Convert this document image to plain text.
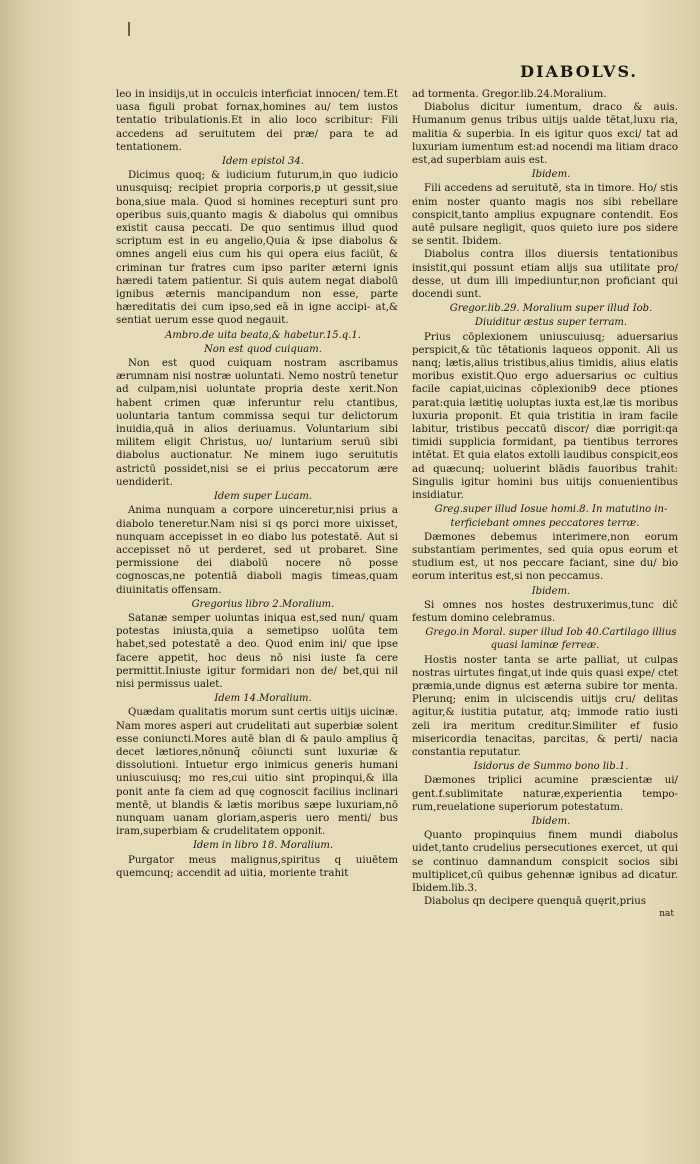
DIABOLVS.

leo in insidijs,ut in occulcis interficiat innocen/ tem.Et uasa figuli probat fornax,homines au/ tem iustos tentatio tribulationis.Et in alio loco scribitur: Fili accedens ad seruitutem dei præ/ para te ad tentationem.

Idem epistol 34.

Dicimus quoq; & iudicium futurum,in quo iudicio unusquisq; recipiet propria corporis,p ut gessit,siue bona,siue mala. Quod si homines recepturi sunt pro operibus suis,quanto magis & diabolus qui omnibus existit causa peccati. De quo sentimus illud quod scriptum est in eu angelio,Quia & ipse diabolus & omnes angeli eius cum his qui opera eius faciūt, & criminan tur fratres cum ipso pariter æterni ignis hæredi tatem patientur. Si quis autem negat diabolū ignibus æternis mancipandum non esse, parte hæreditatis dei cum ipso,sed eā in igne accipi- at,& sentiat uerum esse quod negauit.

Ambro.de uita beata,& habetur.15.q.1.

Non est quod cuiquam.

Non est quod cuiquam nostram ascribamus ærumnam nisi nostræ uoluntati. Nemo nostrū tenetur ad culpam,nisi uoluntate propria deste xerit.Non habent crimen quæ inferuntur relu ctantibus, uoluntaria tantum commissa sequi tur delictorum inuidia,quā in alios deriuamus. Voluntarium sibi militem eligit Christus, uo/ luntarium seruū sibi diabolus auctionatur. Ne minem iugo seruitutis astrictū possidet,nisi se ei prius peccatorum ære uendiderit.

Idem super Lucam.

Anima nunquam a corpore uinceretur,nisi prius a diabolo teneretur.Nam nisi si qs porci more uixisset, nunquam accepisset in eo diabo lus potestatē. Aut si accepisset nō ut perderet, sed ut probaret. Sine permissione dei diabolū nocere nō posse cognoscas,ne potentiā diaboli magis timeas,quam diuinitatis offensam.

Gregorius libro 2.Moralium.

Satanæ semper uoluntas iniqua est,sed nun/ quam potestas iniusta,quia a semetipso uolūta tem habet,sed potestatē a deo. Quod enim ini/ que ipse facere appetit, hoc deus nō nisi iuste fa cere permittit.Iniuste igitur formidari non de/ bet,qui nil nisi permissus ualet.

Idem 14.Moralium.

Quædam qualitatis morum sunt certis uitijs uicinæ. Nam mores asperi aut crudelitati aut superbiæ solent esse coniuncti.Mores autē blan di & paulo amplius q̄ decet lætiores,nōnunq̄ cōiuncti sunt luxuriæ & dissolutioni. Intuetur ergo inimicus generis humani uniuscuiusq; mo res,cui uitio sint propinqui,& illa ponit ante fa ciem ad quę cognoscit facilius inclinari mentē, ut blandis & lætis moribus sæpe luxuriam,nō nunquam uanam gloriam,asperis uero menti/ bus iram,superbiam & crudelitatem opponit.

Idem in libro 18. Moralium.

Purgator meus malignus,spiritus q uiuētem quemcunq; accendit ad uitia, moriente trahit

ad tormenta. Gregor.lib.24.Moralium.

Diabolus dicitur iumentum, draco & auis. Humanum genus tribus uitijs ualde tētat,luxu ria, malitia & superbia. In eis igitur quos exci/ tat ad luxuriam iumentum est:ad nocendi ma litiam draco est,ad superbiam auis est.

Ibidem.

Fili accedens ad seruitutē, sta in timore. Ho/ stis enim noster quanto magis nos sibi rebellare conspicit,tanto amplius expugnare contendit. Eos autē pulsare negligit, quos quieto iure pos sidere se sentit. Ibidem.

Diabolus contra illos diuersis tentationibus insistit,qui possunt etiam alijs sua utilitate pro/ desse, ut dum illi impediuntur,non proficiant qui docendi sunt.

Gregor.lib.29. Moralium super illud Iob.

Diuiditur æstus super terram.

Prius cōplexionem uniuscuiusq; aduersarius perspicit,& tūc tētationis laqueos opponit. Ali us nanq; lætis,alius tristibus,alius timidis, alius elatis moribus existit.Quo ergo aduersarius oc cultius facile capiat,uicinas cōplexionib9 dece ptiones parat:quia lætitię uoluptas iuxta est,læ tis moribus luxuria proponit. Et quia tristitia in iram facile labitur, tristibus peccatū discor/ diæ porrigit:qa timidi supplicia formidant, pa tientibus terrores intētat. Et quia elatos extolli laudibus conspicit,eos ad quæcunq; uoluerint blādis fauoribus trahit: Singulis igitur homini bus uitijs conuenientibus insidiatur.

Greg.super illud Iosue homi.8. In matutino in- terficiebant omnes peccatores terræ.

Dæmones debemus interimere,non eorum substantiam perimentes, sed quia opus eorum et studium est, ut nos peccare faciant, sine du/ bio eorum interitus est,si non peccamus.

Ibidem.

Si omnes nos hostes destruxerimus,tunc dič festum domino celebramus.

Grego.in Moral. super illud Iob 40.Cartilago illius quasi laminæ ferreæ.

Hostis noster tanta se arte palliat, ut culpas nostras uirtutes fingat,ut inde quis quasi expe/ ctet præmia,unde dignus est æterna subire tor menta. Plerunq; enim in ulciscendis uitijs cru/ delitas agitur,& iustitia putatur, atq; immode ratio iusti zeli ira meritum creditur.Similiter ef fusio misericordia tenacitas, parcitas, & perti/ nacia constantia reputatur.

Isidorus de Summo bono lib.1.

Dæmones triplici acumine præscientæ ui/ gent.f.sublimitate naturæ,experientia tempo- rum,reuelatione superiorum potestatum.

Ibidem.

Quanto propinquius finem mundi diabolus uidet,tanto crudelius persecutiones exercet, ut qui se continuo damnandum conspicit socios sibi multiplicet,cū quibus gehennæ ignibus ad dicatur. Ibidem.lib.3.

Diabolus qn decipere quenquā quęrit,prius

nat
